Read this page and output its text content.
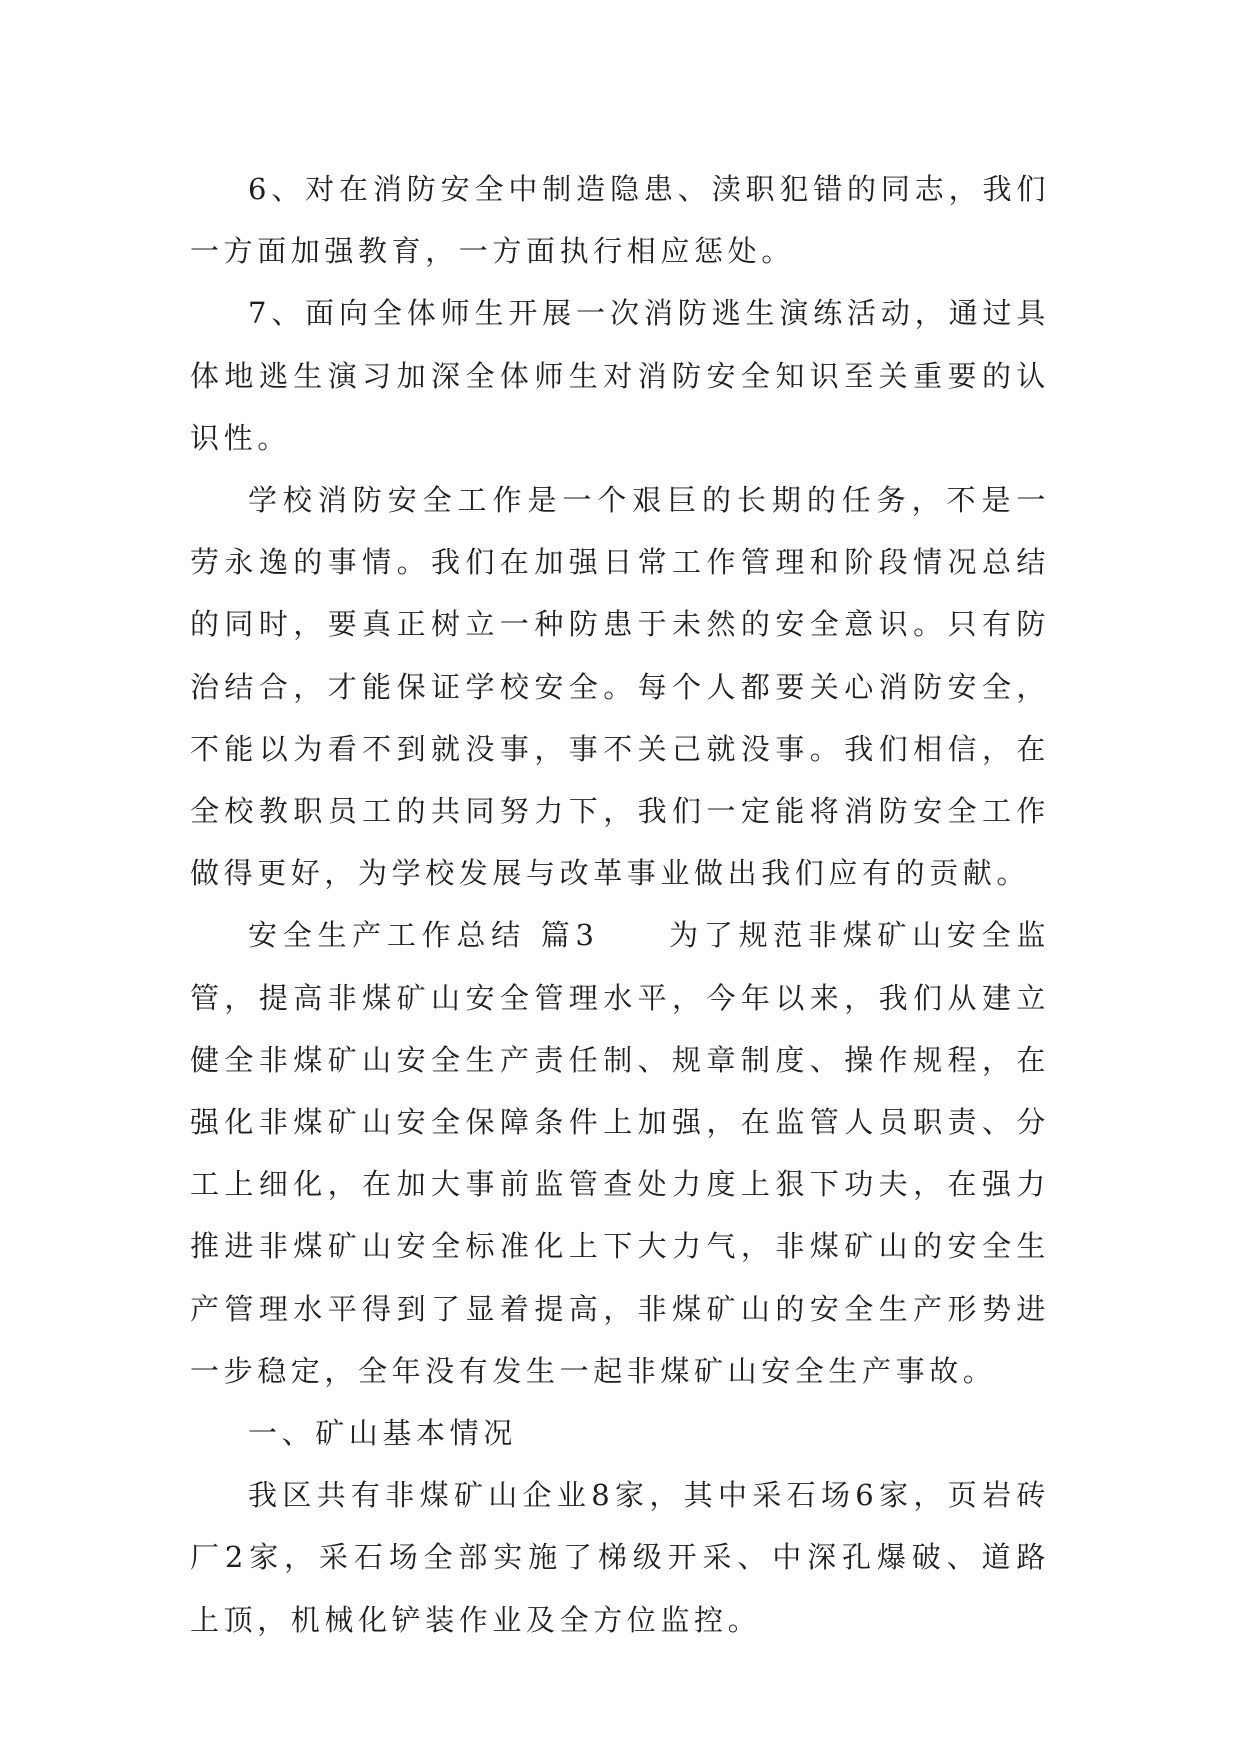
6、对在消防安全中制造隐患、渎职犯错的同志，我们一方面加强教育，一方面执行相应惩处。

7、面向全体师生开展一次消防逃生演练活动，通过具体地逃生演习加深全体师生对消防安全知识至关重要的认识性。

学校消防安全工作是一个艰巨的长期的任务，不是一劳永逸的事情。我们在加强日常工作管理和阶段情况总结的同时，要真正树立一种防患于未然的安全意识。只有防治结合，才能保证学校安全。每个人都要关心消防安全，不能以为看不到就没事，事不关己就没事。我们相信，在全校教职员工的共同努力下，我们一定能将消防安全工作做得更好，为学校发展与改革事业做出我们应有的贡献。

安全生产工作总结 篇3　　为了规范非煤矿山安全监管，提高非煤矿山安全管理水平，今年以来，我们从建立健全非煤矿山安全生产责任制、规章制度、操作规程，在强化非煤矿山安全保障条件上加强，在监管人员职责、分工上细化，在加大事前监管查处力度上狠下功夫，在强力推进非煤矿山安全标准化上下大力气，非煤矿山的安全生产管理水平得到了显着提高，非煤矿山的安全生产形势进一步稳定，全年没有发生一起非煤矿山安全生产事故。

一、矿山基本情况

我区共有非煤矿山企业8家，其中采石场6家，页岩砖厂2家，采石场全部实施了梯级开采、中深孔爆破、道路上顶，机械化铲装作业及全方位监控。
